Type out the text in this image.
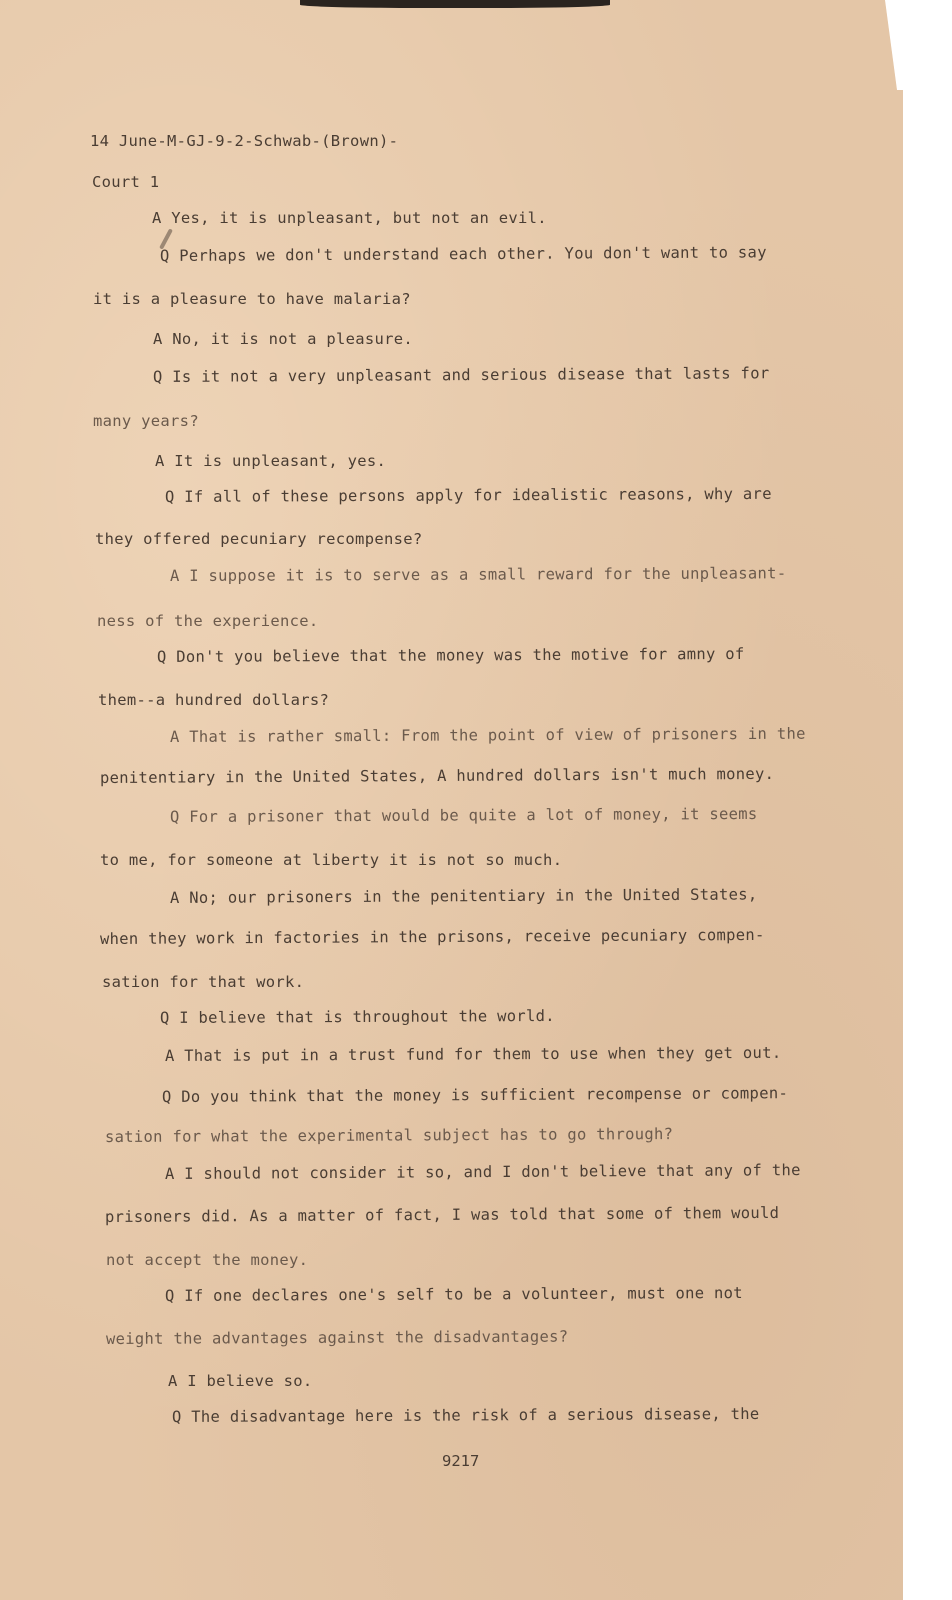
14 June-M-GJ-9-2-Schwab-(Brown)-
Court 1
A Yes, it is unpleasant, but not an evil.
Q Perhaps we don't understand each other. You don't want to say
it is a pleasure to have malaria?
A No, it is not a pleasure.
Q Is it not a very unpleasant and serious disease that lasts for
many years?
A It is unpleasant, yes.
Q If all of these persons apply for idealistic reasons, why are
they offered pecuniary recompense?
A I suppose it is to serve as a small reward for the unpleasant-
ness of the experience.
Q Don't you believe that the money was the motive for amny of
them--a hundred dollars?
A That is rather small: From the point of view of prisoners in the
penitentiary in the United States, A hundred dollars isn't much money.
Q For a prisoner that would be quite a lot of money, it seems
to me, for someone at liberty it is not so much.
A No; our prisoners in the penitentiary in the United States,
when they work in factories in the prisons, receive pecuniary compen-
sation for that work.
Q I believe that is throughout the world.
A That is put in a trust fund for them to use when they get out.
Q Do you think that the money is sufficient recompense or compen-
sation for what the experimental subject has to go through?
A I should not consider it so, and I don't believe that any of the
prisoners did. As a matter of fact, I was told that some of them would
not accept the money.
Q If one declares one's self to be a volunteer, must one not
weight the advantages against the disadvantages?
A I believe so.
Q The disadvantage here is the risk of a serious disease, the
9217
